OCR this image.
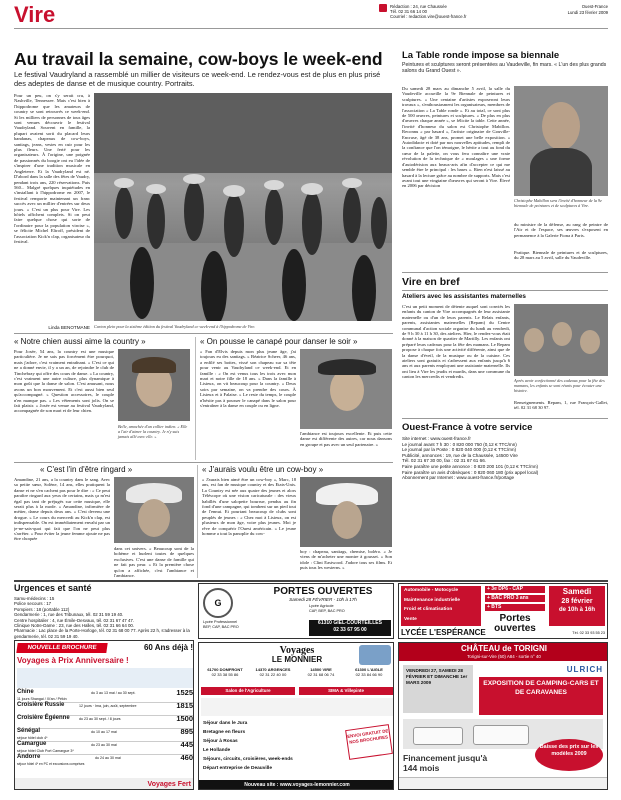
Vire	Rédaction : 24, rue Chaussée
Tél. 02 31 66 14 00
Courriel : redaction.vire@ouest-france.fr
Ouest-France
Lundi 23 février 2009
Au travail la semaine, cow-boys le week-end
Le festival Vaudryland a rassemblé un millier de visiteurs ce week-end. Le rendez-vous est de plus en plus prisé des adeptes de danse et de musique country. Portraits.

Pour un peu, on s'y serait cru, à Nashville, Tennessee. Mais c'est bien à l'hippodrome que les amateurs de country se sont retrouvés ce week-end. Si les milliers de personnes de tous âges sont venues découvrir le festival Vaudryland. Souvent en famille, la plupart avaient sorti du placard leurs bandanas, chapeaux de cow-boys, santiags, jeans, vestes en cuir pour les plus fleurs. Une ferté pour les organisateurs. À l'origine, une poignée de passionnés du boogie ont eu l'idée de s'inspirer d'une tradition musicale en Angleterre. Et la Vaudryland est né. D'abord dans la salle des fêtes de Vaudry, pendant trois ans, 220 réservations. Puis 560... Malgré quelques inquiétudes en s'installant à l'hippodrome en 2007, le festival remporte maintenant un franc succès avec un millier d'entrées sur deux jours. « C'est un plus pour Vire. Les hôtels affichent complets. Si on peut faire quelque chose qui sorte de l'ordinaire pour la population viroise », se félicite Michel Eltroff, président de l'association Kick'n clap, organisateur du festival.

Linda BENOTMANE Carton plein pour la sixième édition du festival Vaudryland ce week-end à l'hippodrome de Vire.
« Notre chien aussi aime la country »

Pour Josée, 54 ans, la country est une musique particulière. Je ne sais pas forcément être pourquoi, mais j'adore, c'est vraiment entraînant. « C'est ce qui ne a donné envie, il y a un an, de rejoindre le club de Tinchebray qui offre des cours de danse. » La country, c'est vraiment une autre culture, plus dynamique à mon goût que la danse de salon. C'est amusant, nous avons un bon mouvement. Et c'est aussi bien seul qu'accompagné. » Question accessoires, le couple n'en manque pas. « Les vêtements sont jolis. On se fait plaisir. » Josée est venue au festival Vaudryland, accompagnée de son mari et de leur chien.

Belle, amochée d'un collier indien. « Elle a l'air d'aimer la country. Je n'y suis jamais allé avec elle. »
« On pousse le canapé pour danser le soir »

« Fan d'Elvis depuis mon plus jeune âge, j'ai toujours eu des santiags. » Béatrice Scheer, 46 ans, a enfilé ses bottes, vissé son chapeau sur sa tête pour venir au Vaudryland ce week-end. Et en famille : « On est venus tous les trois avec mon mari et notre fille de 18 ans. » Dans la famille à Lisieux, on vit beaucoup pour la country. « Deux soirs par semaine, on va prendre des cours. À Lisieux et à Falaise. » Le reste du temps, le couple n'hésite pas à pousser le canapé dans le salon pour s'entraîner à la danse en couple ou en ligne.

l'ambiance est toujours excellente. Et puis cette danse est différente des autres, car nous dansons en groupe et pas avec un seul partenaire. »

« C'est l'in d'être ringard »

Amandine, 21 ans, a la country dans le sang. Avec sa petite sœur, Solène, 14 ans, elles pratiquent la danse et ne s'en cachent pas pour le dire : « Ce peut paraître ringard aux yeux de certains, mais ça m'est égal pas tant de préjugés sur cette musique, elle serait plus à la mode. » Amandine, infirmière de métier, danse depuis deux ans. « C'est devenu une drogue. » Le cours du mercredi au Kick'n clap, est indispensable. On est immédiatement envahi par un je-ne-sais-quoi qui fait que l'on ne peut plus s'arrêter. » Pour éviter la jeune femme ajoute ne pas être choquée

dans cet univers. « Beaucoup sont de la bohème et hurlent toutes de quelques exclusives. C'est une danse de famille qui ne fait pas peur. » Et la première chose qu'on a affichée, c'est l'ambiance et l'ambiance.

« J'aurais voulu être un cow-boy »

« J'aurais bien aimé être un cow-boy », Marc, 18 ans, est fan de musique country et des Etats-Unis. La Country est née aux quatre des jeunes et alors Téléscope où une vision caricaturale : des vieux habillés d'une salopette bourrue, pendus au fin fond d'une campagne, qui tombent sur un pied tout de l'ennui. Et pourtant beaucoup de clubs sont peuplés de jeunes : « Chez moi à Lisieux, on est plusieurs de mon âge, voire plus jeunes. Moi je rêve de conquérir l'Ouest américain. » Le jeune homme a tout la panoplie du cow-

boy : chapeau, santiags, chemise, boléro. « Je viens de m'acheter une montre à gousset. » Son idole : Clint Eastwood. J'adore tous ses films. Et puis tous les westerns. »

La Table ronde impose sa biennale
Peintures et sculptures seront présentées au Vaudeville, fin mars. « L'un des plus grands salons du Grand Ouest ».

Du samedi 28 mars au dimanche 5 avril, la salle du Vaudeville accueille la 9e Biennale de peintures et sculptures. « Une centaine d'artistes exposeront leurs travaux », s'enthousiasment les organisateurs, membres de l'association « La Table ronde ». Et au total, ce sont plus de 500 œuvres, peintures et sculptures. « De plus en plus d'œuvres chaque année », se félicite la table. Cette année, l'invité d'honneur du salon est Christophe Mabillon. Reconnu « par hasard », l'artiste originaire de Gouville-Encruse, âgé de 38 ans, promet une belle exposition. « Autodidacte et doté par nos nouvelles aptitudes, rempli de la confiance que l'on témoigne, le hérite a tout au fond du cœur de la palette, on vous fera connaître une vraie révolution de la technique de « moulages » une forme d'autodérision aux beaux-arts afin d'accepter ce qui me semble être le principal : les bases ». Rien n'est laissé au hasard à la lecture grâce au nombre de supports. Mais c'est avant tout une vingtaine d'œuvres qui seront à Vire. Élevé en 2006 par décision

Christophe Mabillon sera l'invité d'honneur de la 9e biennale de peintures et de sculptures à Vire.

du ministre de la défense, au rang de peintre de l'Air et de l'espace, ses œuvres s'exposent en permanence à la Galerie Fiona à Paris.

Pratique. Biennale de peintures et de sculptures, du 28 mars au 5 avril, salle du Vaudeville.

Vire en bref
Ateliers avec les assistantes maternelles

C'est un petit moment de détente auquel sont conviés les enfants du canton de Vire accompagnés de leur assistante maternelle ou d'un de leurs parents. Le Relais enfants, parents, assistantes maternelles (Repam) du Centre communal d'action sociale organise du lundi au vendredi, de 9 h 30 à 11 h 30, des ateliers. Hier, le rendez-vous était donné à la maison de quartier de Martilly. Les enfants ont préparé leurs cadeaux pour la fête des mamans. Le Repam propose à chaque fois une activité différente, ainsi que de la danse d'éveil, de la musique ou de la cuisine. Ces ateliers sont gratuits et s'adressent aux enfants jusqu'à 6 ans et aux parents employant une assistante maternelle. Ils ont lieu à Vire les jeudis et mardis, dans une commune du canton les mercredis et vendredis.

Après avoir confectionné des cadeaux pour la fête des mamans, les enfants se sont réunis pour écouter une histoire.

Renseignements. Repam, 1, rue François-Gallet, tél. 02 31 68 30 97.

Ouest-France à votre service
Site internet : www.ouest-france.fr
Le journal avant 7 h 30 : 0 820 000 750 (0,12 € TTC/mn)
Le journal par la Poste : 0 820 040 000 (0,12 € TTC/mn)
Publicité, annonces : 19, rue de la Chaussée, 14500 Vire
Tél. 02 31 67 30 00, fax : 02 31 67 61 66.
Faire paraître une petite annonce : 0 820 200 101 (0,12 € TTC/mn)
Faire paraître un avis d'obsèques : 0 820 060 180 (prix appel local)
Abonnement par Internet : www.ouest-france.fr/portage
Urgences et santé
Samu-médecins : 15
Police secours : 17
Pompiers : 18 (portable 112)
Gendarmerie : 1, rue des Tribunaux, tél. 02 31 59 19 40.
Centre hospitalier : 4, rue Émile-Desvaux, tél. 02 31 67 47 47.
Clinique Notre-Dame : 23, rue des Halles, tél. 02 31 66 64 00.
Pharmacie : Lac place de la Porte-Horloge, tél. 02 31 68 00 77. Après 22 h, s'adresser à la gendarmerie, tél. 02 31 59 19 40.
NOUVELLE BROCHURE	60 Ans déjà !
Voyages à Prix Anniversaire !
Chine
11 jours Shangai / Xi'an / Pékin
du 3 au 13 mai / au 30 sept.	1525
Croisière Russie	12 jours · Ima, juin, août, septembre	1815
Croisière Égéenne	du 23 au 30 sept. / 8 jours	1500
Sénégal
séjour hôtel club 4*
du 10 au 17 mai	895
Camargue
séjour hôtel Club Port Camargue 3*
du 23 au 30 mai	445
Andorre
séjour hôtel 4* en PC et excursions comprises
du 24 au 30 mai	460
Voyages Fert
G
PORTES OUVERTES
Samedi 28 FÉVRIER - 10h à 17h
Lycée Professionnel
BEP, CAP, BAC PRO
Lycée Agricole
CAP, BEP, BAC PRO
61310 GIEL-COURTEILLES
02 33 67 95 00
Automobile - Motocycle
Maintenance industrielle
Froid et climatisation
Vente
+ 3e DP6 - CAP
+ BAC PRO 3 ans
+ BTS
Portes ouvertes
Samedi
28 février
de 10h à 16h
LYCÉE L'ESPÉRANCE	Tél. 02 33 93 55 23
Voyages
LE MONNIER
61700 DOMFRONT
02 33 38 55 86
14370 ARGENCES
02 31 22 40 00
14500 VIRE
02 31 68 06 74
61300 L'AIGLE
02 33 84 66 90
Salon de l'Agriculture	SIMA & Villepinte
Séjour dans le Jura
Bretagne en fleurs
Séjour à Rosas
Le Hollande
Séjours, circuits, croisières, week-ends
Départ entreprise de Deauville
ENVOI GRATUIT DE NOS BROCHURES
Nouveau site : www.voyages-lemonnier.com
CHÂTEAU de TORIGNI
Torigni-sur-Vire (50) A84 - sortie n° 40
VENDREDI 27, SAMEDI 28 FÉVRIER ET DIMANCHE 1er MARS 2009
ULRICH
EXPOSITION DE CAMPING-CARS ET DE CARAVANES
Baisse des prix sur les modèles 2009
Financement jusqu'à 144 mois
